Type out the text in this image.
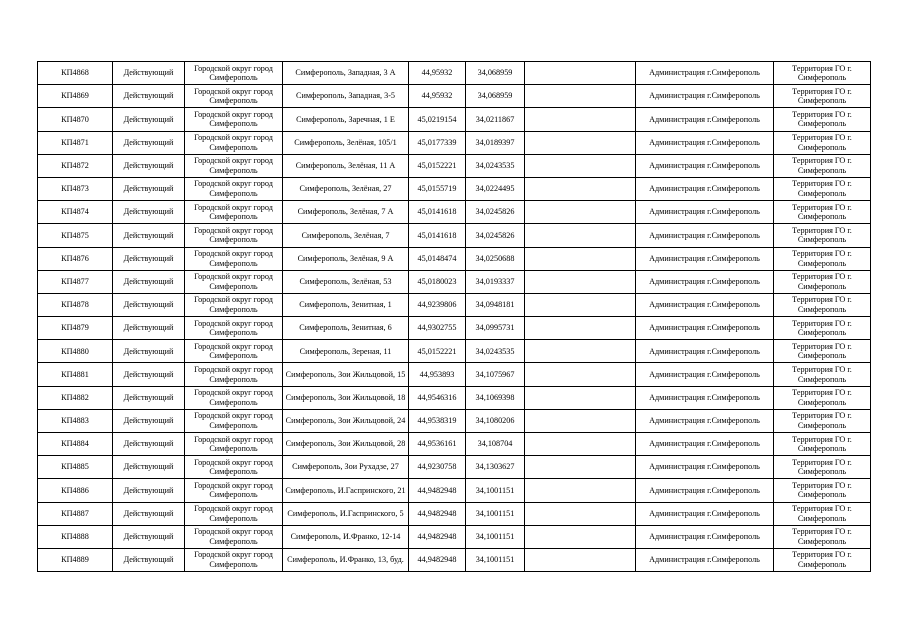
КП4868	Действующий	Городской округ город Симферополь	Симферополь, Западная, 3 А	44,95932	34,068959		Администрация г.Симферополь	Территория ГО г. Симферополь
КП4869	Действующий	Городской округ город Симферополь	Симферополь, Западная, 3-5	44,95932	34,068959		Администрация г.Симферополь	Территория ГО г. Симферополь
КП4870	Действующий	Городской округ город Симферополь	Симферополь, Заречная, 1 Е	45,0219154	34,0211867		Администрация г.Симферополь	Территория ГО г. Симферополь
КП4871	Действующий	Городской округ город Симферополь	Симферополь, Зелёная, 105/1	45,0177339	34,0189397		Администрация г.Симферополь	Территория ГО г. Симферополь
КП4872	Действующий	Городской округ город Симферополь	Симферополь, Зелёная, 11 А	45,0152221	34,0243535		Администрация г.Симферополь	Территория ГО г. Симферополь
КП4873	Действующий	Городской округ город Симферополь	Симферополь, Зелёная, 27	45,0155719	34,0224495		Администрация г.Симферополь	Территория ГО г. Симферополь
КП4874	Действующий	Городской округ город Симферополь	Симферополь, Зелёная, 7 А	45,0141618	34,0245826		Администрация г.Симферополь	Территория ГО г. Симферополь
КП4875	Действующий	Городской округ город Симферополь	Симферополь, Зелёная, 7	45,0141618	34,0245826		Администрация г.Симферополь	Территория ГО г. Симферополь
КП4876	Действующий	Городской округ город Симферополь	Симферополь, Зелёная, 9 А	45,0148474	34,0250688		Администрация г.Симферополь	Территория ГО г. Симферополь
КП4877	Действующий	Городской округ город Симферополь	Симферополь, Зелёная, 53	45,0180023	34,0193337		Администрация г.Симферополь	Территория ГО г. Симферополь
КП4878	Действующий	Городской округ город Симферополь	Симферополь, Зенитная, 1	44,9239806	34,0948181		Администрация г.Симферополь	Территория ГО г. Симферополь
КП4879	Действующий	Городской округ город Симферополь	Симферополь, Зенитная, 6	44,9302755	34,0995731		Администрация г.Симферополь	Территория ГО г. Симферополь
КП4880	Действующий	Городской округ город Симферополь	Симферополь, Зереная, 11	45,0152221	34,0243535		Администрация г.Симферополь	Территория ГО г. Симферополь
КП4881	Действующий	Городской округ город Симферополь	Симферополь, Зои Жильцовой, 15	44,953893	34,1075967		Администрация г.Симферополь	Территория ГО г. Симферополь
КП4882	Действующий	Городской округ город Симферополь	Симферополь, Зои Жильцовой, 18	44,9546316	34,1069398		Администрация г.Симферополь	Территория ГО г. Симферополь
КП4883	Действующий	Городской округ город Симферополь	Симферополь, Зои Жильцовой, 24	44,9538319	34,1080206		Администрация г.Симферополь	Территория ГО г. Симферополь
КП4884	Действующий	Городской округ город Симферополь	Симферополь, Зои Жильцовой, 28	44,9536161	34,108704		Администрация г.Симферополь	Территория ГО г. Симферополь
КП4885	Действующий	Городской округ город Симферополь	Симферополь, Зои Рухадзе, 27	44,9230758	34,1303627		Администрация г.Симферополь	Территория ГО г. Симферополь
КП4886	Действующий	Городской округ город Симферополь	Симферополь, И.Гаспринского, 21	44,9482948	34,1001151		Администрация г.Симферополь	Территория ГО г. Симферополь
КП4887	Действующий	Городской округ город Симферополь	Симферополь, И.Гаспринского, 5	44,9482948	34,1001151		Администрация г.Симферополь	Территория ГО г. Симферополь
КП4888	Действующий	Городской округ город Симферополь	Симферополь, И.Франко, 12-14	44,9482948	34,1001151		Администрация г.Симферополь	Территория ГО г. Симферополь
КП4889	Действующий	Городской округ город Симферополь	Симферополь, И.Франко, 13, буд.	44,9482948	34,1001151		Администрация г.Симферополь	Территория ГО г. Симферополь
